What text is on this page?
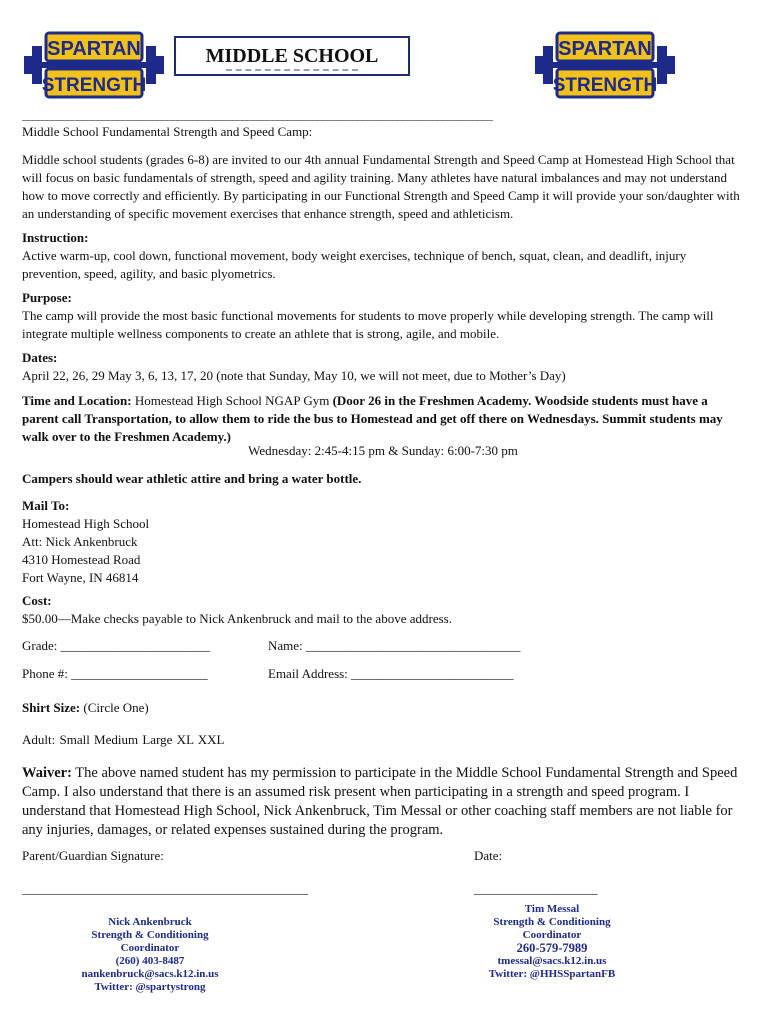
SPARTAN
STRENGTH
MIDDLE SCHOOL	SPARTAN
STRENGTH
______________________________________________________________________________________________
Middle School Fundamental Strength and Speed Camp:
Middle school students (grades 6-8) are invited to our 4th annual Fundamental Strength and Speed Camp at Homestead High School that will focus on basic fundamentals of strength, speed and agility training. Many athletes have natural imbalances and may not understand how to move correctly and efficiently. By participating in our Functional Strength and Speed Camp it will provide your son/daughter with an understanding of specific movement exercises that enhance strength, speed and athleticism.
Instruction:
Active warm-up, cool down, functional movement, body weight exercises, technique of bench, squat, clean, and deadlift, injury prevention, speed, agility, and basic plyometrics.
Purpose:
The camp will provide the most basic functional movements for students to move properly while developing strength. The camp will integrate multiple wellness components to create an athlete that is strong, agile, and mobile.
Dates:
April 22, 26, 29 May 3, 6, 13, 17, 20 (note that Sunday, May 10, we will not meet, due to Mother’s Day)
Time and Location: Homestead High School NGAP Gym (Door 26 in the Freshmen Academy. Woodside students must have a parent call Transportation, to allow them to ride the bus to Homestead and get off there on Wednesdays. Summit students may walk over to the Freshmen Academy.)
Wednesday: 2:45-4:15 pm & Sunday: 6:00-7:30 pm
Campers should wear athletic attire and bring a water bottle.
Mail To:
Homestead High School
Att: Nick Ankenbruck
4310 Homestead Road
Fort Wayne, IN 46814
Cost:
$50.00—Make checks payable to Nick Ankenbruck and mail to the above address.
Grade: _______________________	Name: _________________________________
Phone #: _____________________	Email Address: _________________________
Shirt Size: (Circle One)
Adult: Small Medium Large XL XXL
Waiver: The above named student has my permission to participate in the Middle School Fundamental Strength and Speed Camp. I also understand that there is an assumed risk present when participating in a strength and speed program. I understand that Homestead High School, Nick Ankenbruck, Tim Messal or other coaching staff members are not liable for any injuries, damages, or related expenses sustained during the program.
Parent/Guardian Signature:	Date:
____________________________________________	___________________
Nick Ankenbruck
Strength & Conditioning
Coordinator
(260) 403-8487
nankenbruck@sacs.k12.in.us
Twitter: @spartystrong
Tim Messal
Strength & Conditioning
Coordinator
260-579-7989
tmessal@sacs.k12.in.us
Twitter: @HHSSpartanFB
